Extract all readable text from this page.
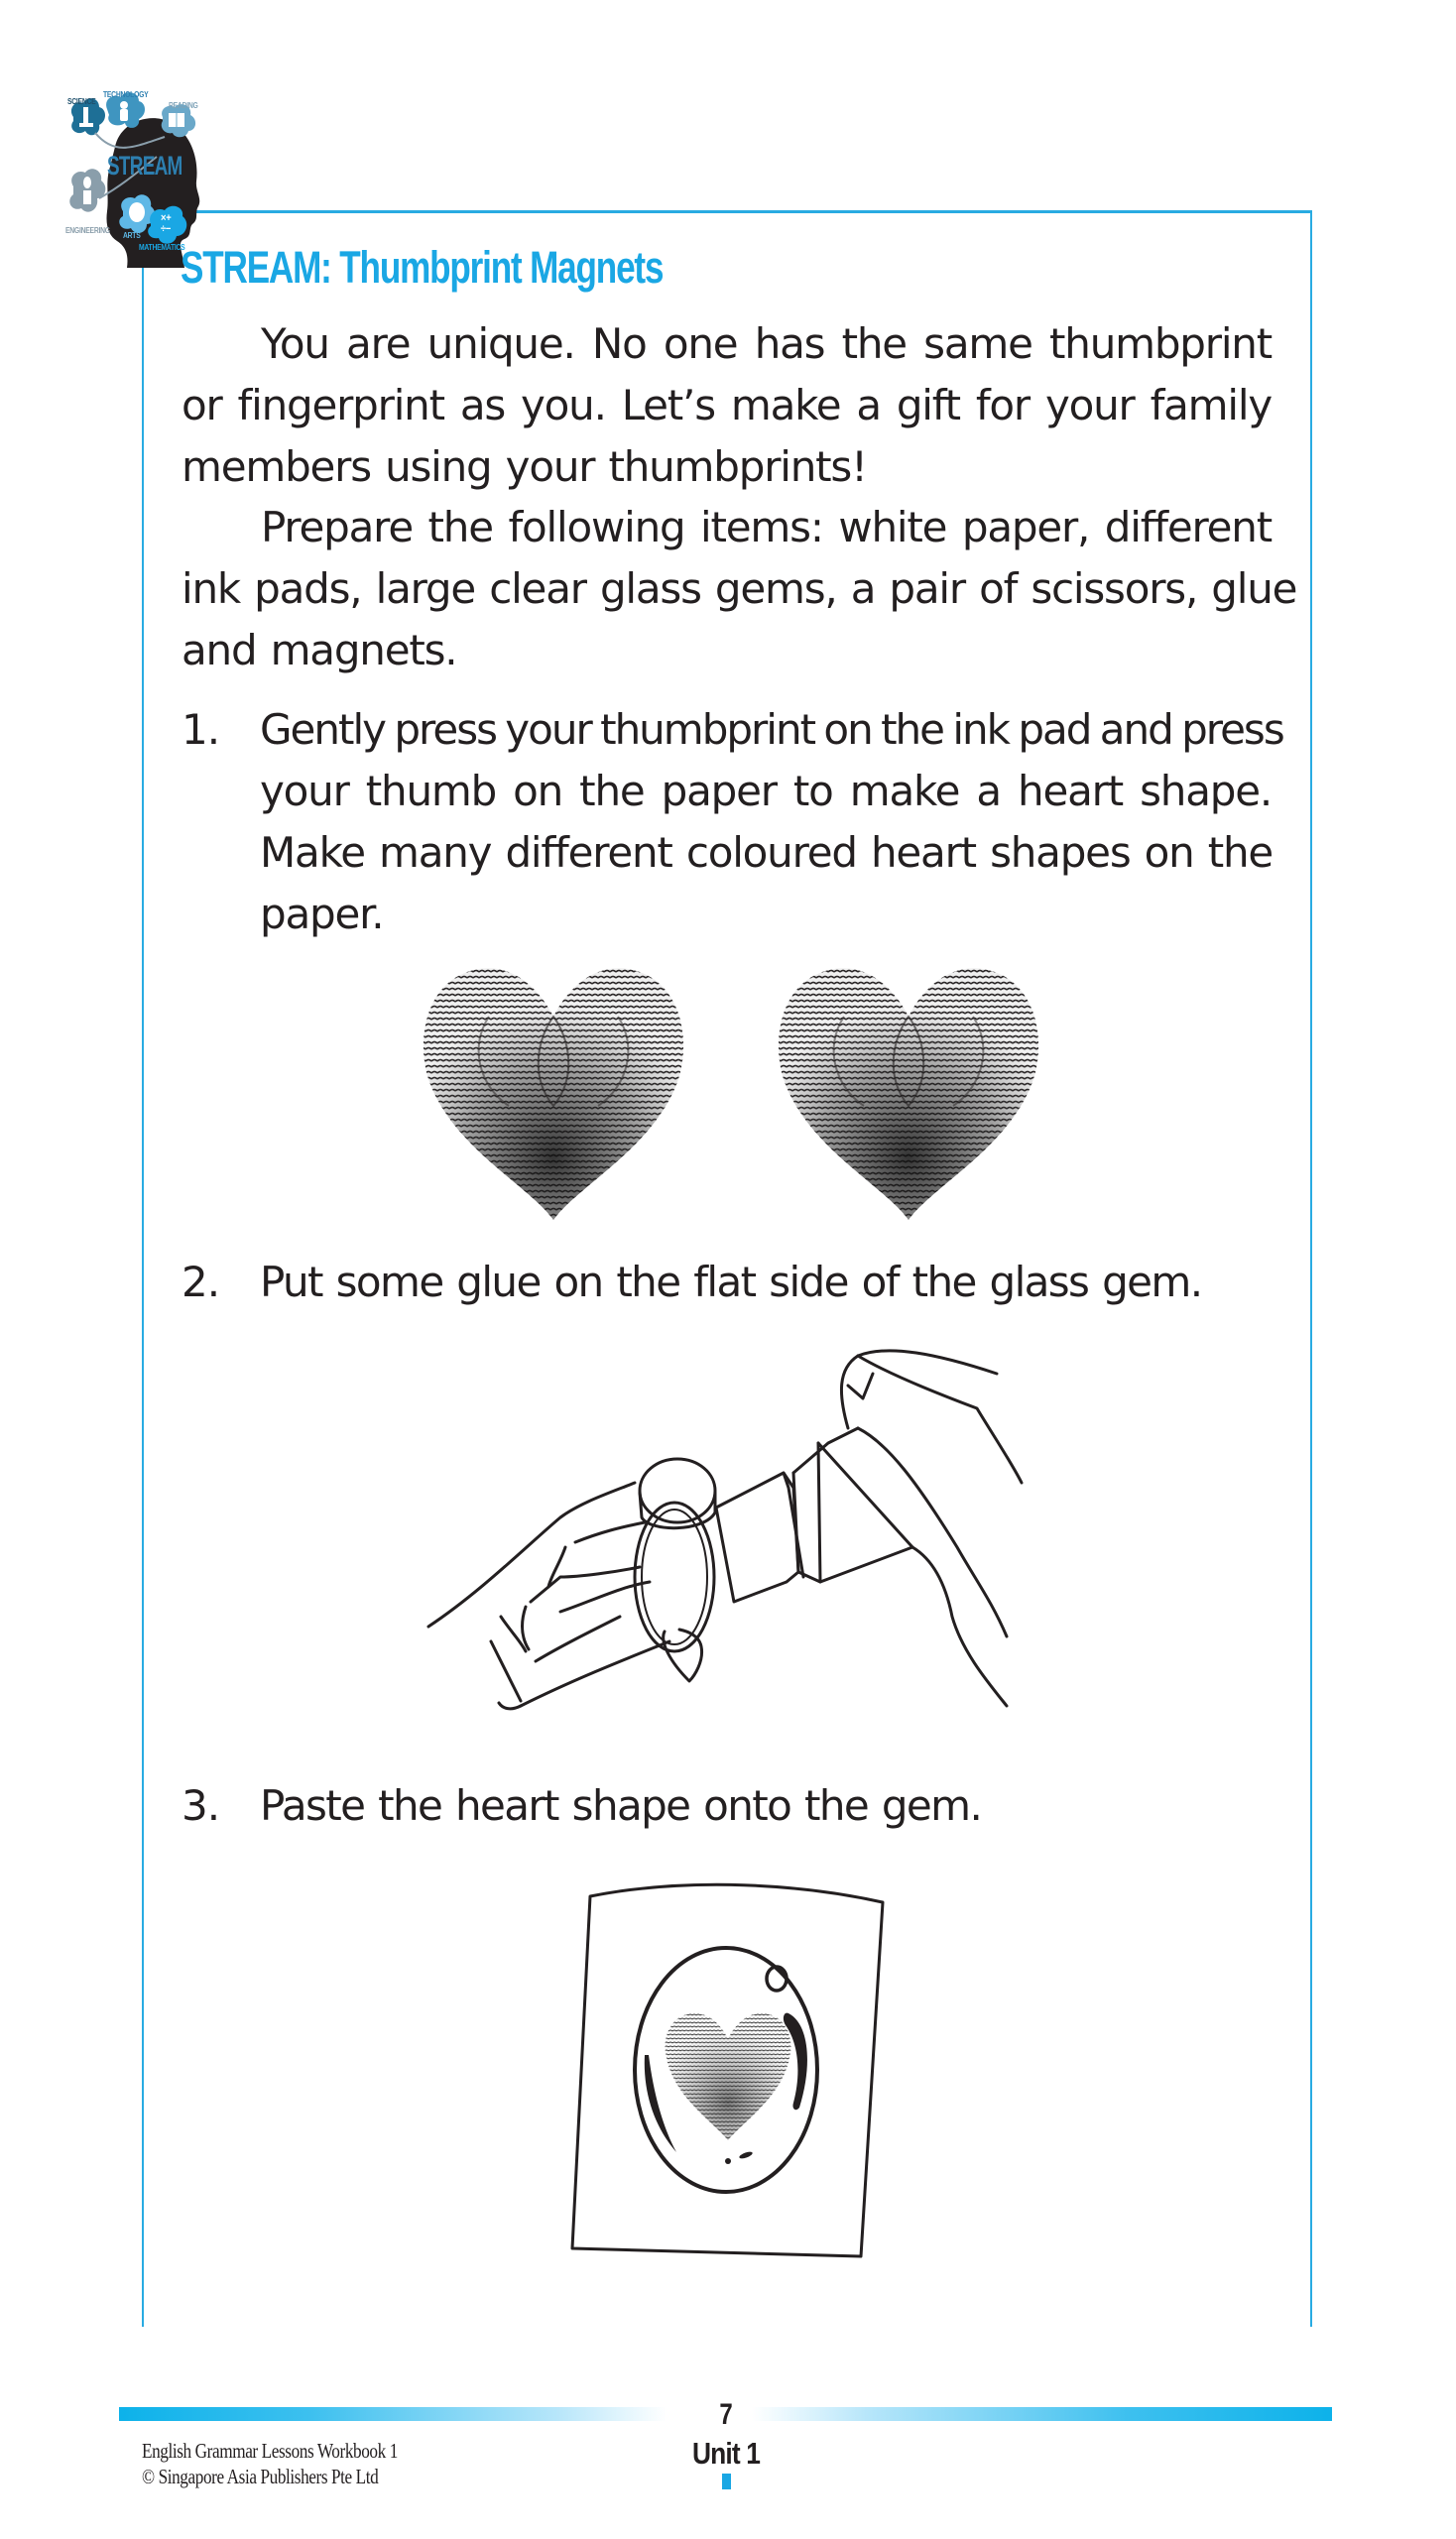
SCIENCE
TECHNOLOGY
READING
STREAM
ENGINEERING
ARTS
MATHEMATICS
×+
÷−
STREAM: Thumbprint Magnets
You are unique. No one has the same thumbprint
or fingerprint as you. Let’s make a gift for your family
members using your thumbprints!
Prepare the following items: white paper, different
ink pads, large clear glass gems, a pair of scissors, glue
and magnets.
1. Gently press your thumbprint on the ink pad and press
your thumb on the paper to make a heart shape.
Make many different coloured heart shapes on the
paper.
2. Put some glue on the flat side of the glass gem.
3. Paste the heart shape onto the gem.
7
Unit 1
English Grammar Lessons Workbook 1
© Singapore Asia Publishers Pte Ltd
